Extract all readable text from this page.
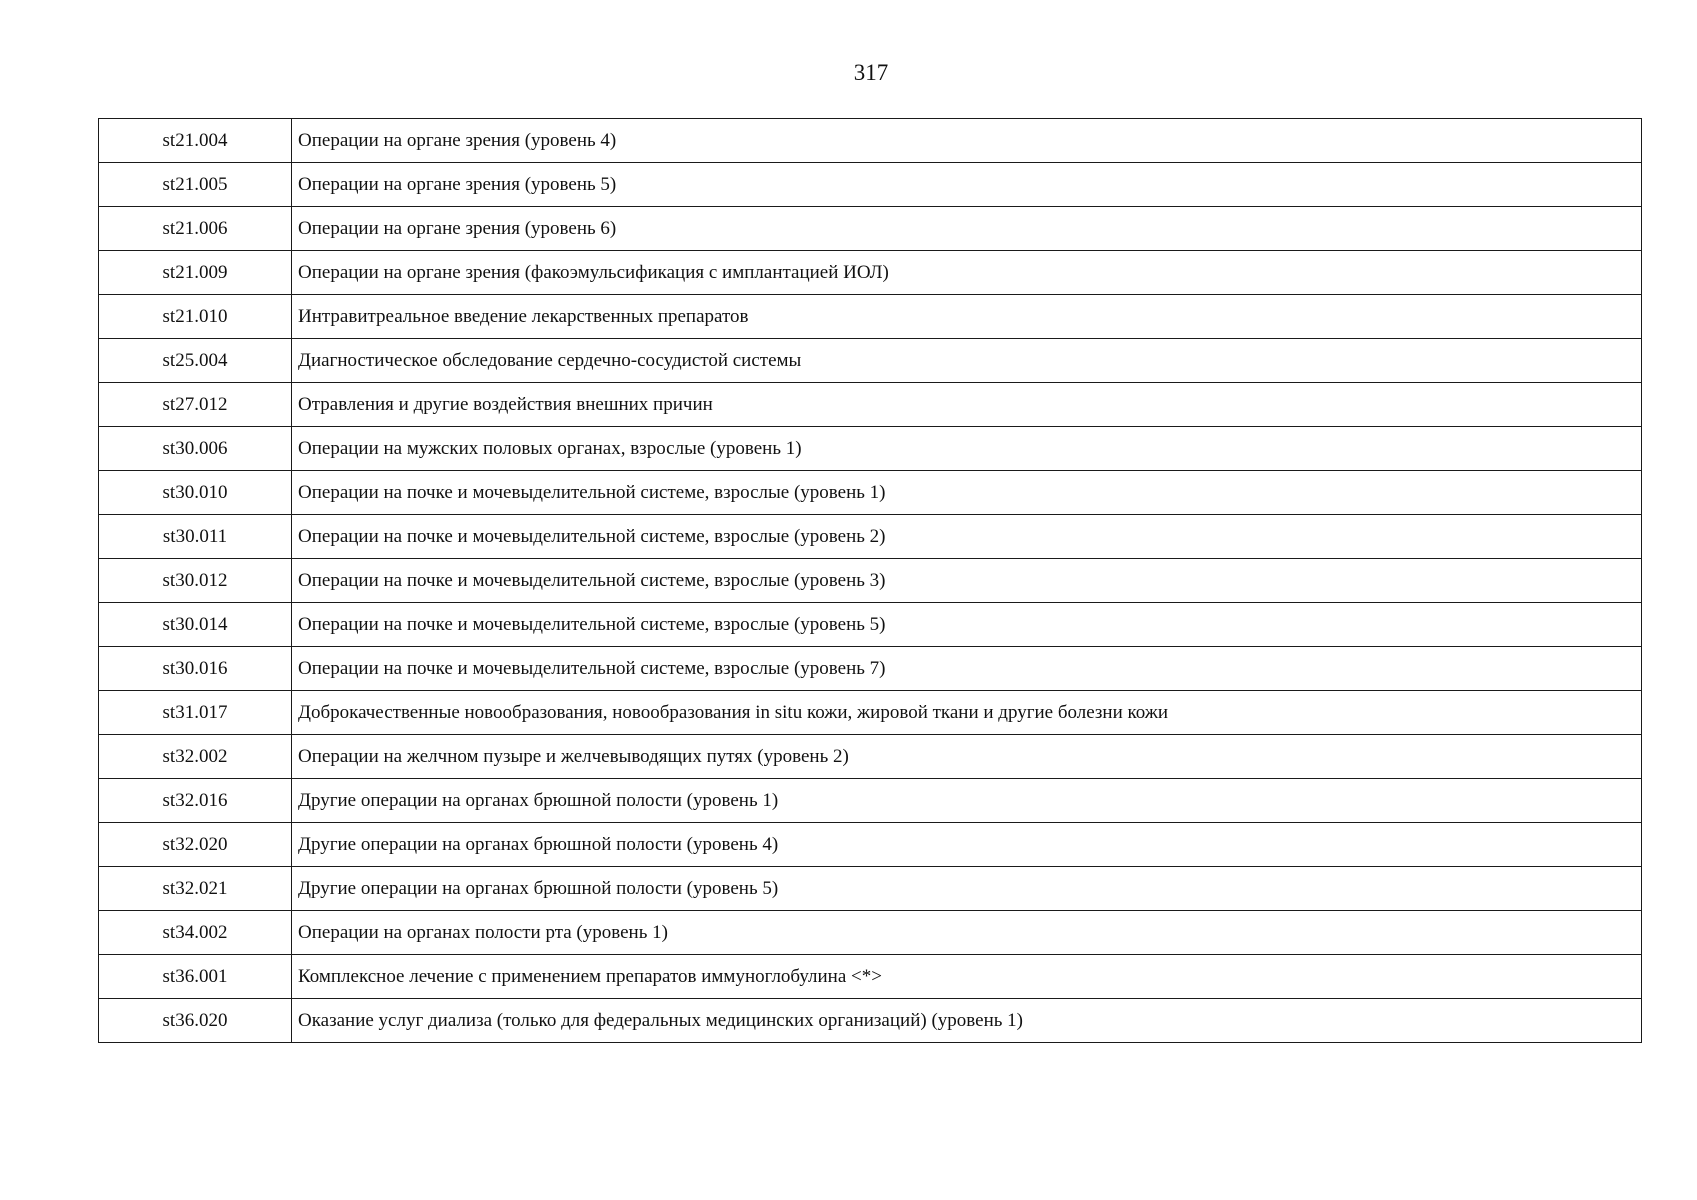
317
st21.004	Операции на органе зрения (уровень 4)
st21.005	Операции на органе зрения (уровень 5)
st21.006	Операции на органе зрения (уровень 6)
st21.009	Операции на органе зрения (факоэмульсификация с имплантацией ИОЛ)
st21.010	Интравитреальное введение лекарственных препаратов
st25.004	Диагностическое обследование сердечно-сосудистой системы
st27.012	Отравления и другие воздействия внешних причин
st30.006	Операции на мужских половых органах, взрослые (уровень 1)
st30.010	Операции на почке и мочевыделительной системе, взрослые (уровень 1)
st30.011	Операции на почке и мочевыделительной системе, взрослые (уровень 2)
st30.012	Операции на почке и мочевыделительной системе, взрослые (уровень 3)
st30.014	Операции на почке и мочевыделительной системе, взрослые (уровень 5)
st30.016	Операции на почке и мочевыделительной системе, взрослые (уровень 7)
st31.017	Доброкачественные новообразования, новообразования in situ кожи, жировой ткани и другие болезни кожи
st32.002	Операции на желчном пузыре и желчевыводящих путях (уровень 2)
st32.016	Другие операции на органах брюшной полости (уровень 1)
st32.020	Другие операции на органах брюшной полости (уровень 4)
st32.021	Другие операции на органах брюшной полости (уровень 5)
st34.002	Операции на органах полости рта (уровень 1)
st36.001	Комплексное лечение с применением препаратов иммуноглобулина <*>
st36.020	Оказание услуг диализа (только для федеральных медицинских организаций) (уровень 1)
